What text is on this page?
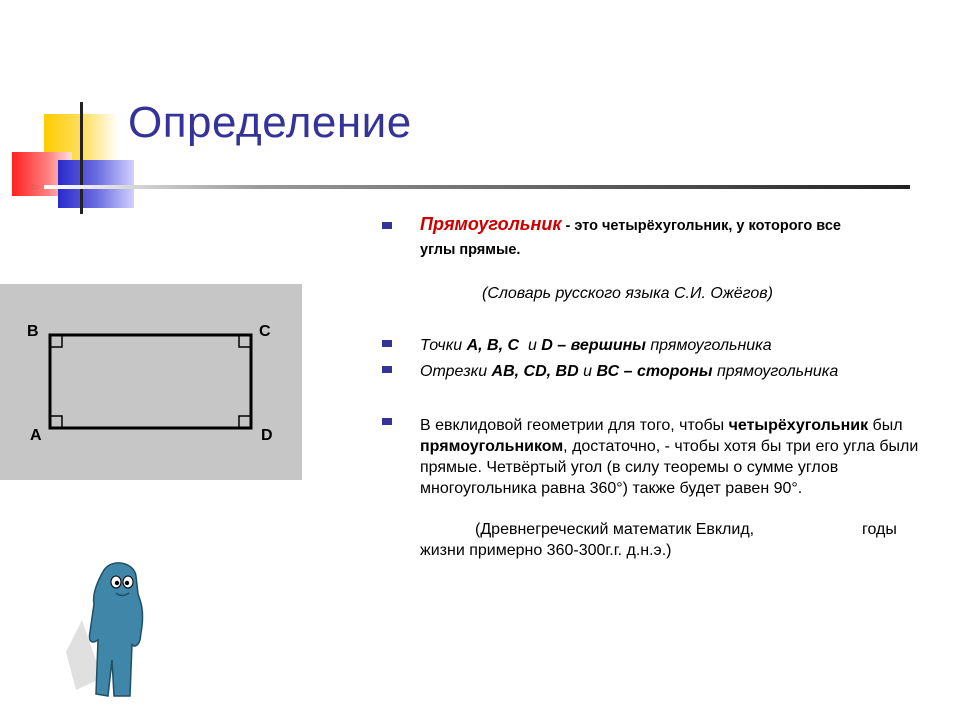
Определение
Прямоугольник - это четырёхугольник, у которого все
углы прямые.
(Словарь русского языка С.И. Ожёгов)
Точки А, В, С  и D – вершины прямоугольника
Отрезки АВ, СD, BD и ВС – стороны прямоугольника
В евклидовой геометрии для того, чтобы четырёхугольник был прямоугольником, достаточно, - чтобы хотя бы три его угла были прямые. Четвёртый угол (в силу теоремы о сумме углов многоугольника равна 360°) также будет равен 90°.
(Древнегреческий математик Евклид,	годы
жизни примерно 360-300г.г. д.н.э.)
B	C
A	D
